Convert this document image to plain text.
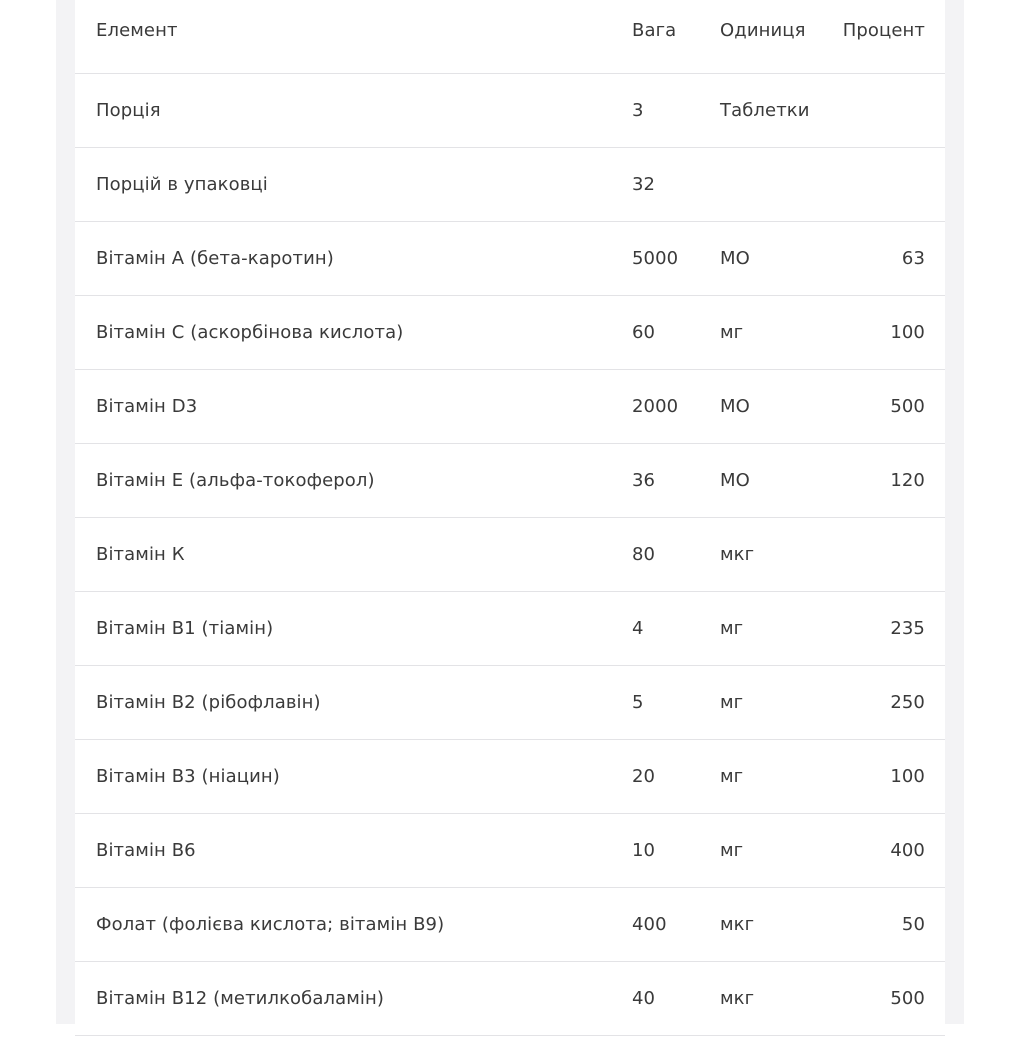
Елемент	Вага	Одиниця	Процент
Порція	3	Таблетки	
Порцій в упаковці	32		
Вітамін A (бета-каротин)	5000	МО	63
Вітамін C (аскорбінова кислота)	60	мг	100
Вітамін D3	2000	МО	500
Вітамін E (альфа-токоферол)	36	МО	120
Вітамін К	80	мкг	
Вітамін В1 (тіамін)	4	мг	235
Вітамін В2 (рібофлавін)	5	мг	250
Вітамін В3 (ніацин)	20	мг	100
Вітамін В6	10	мг	400
Фолат (фолієва кислота; вітамін В9)	400	мкг	50
Вітамін В12 (метилкобаламін)	40	мкг	500
